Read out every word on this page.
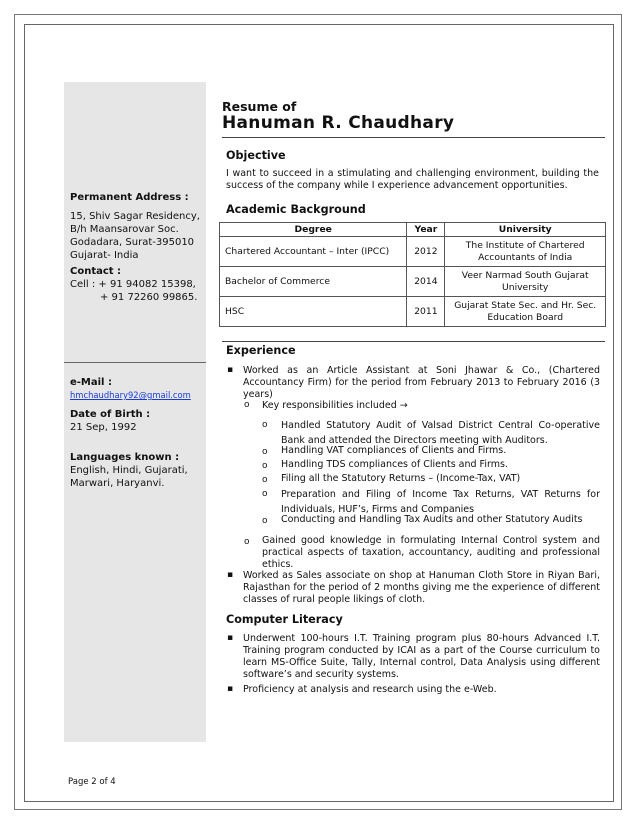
Permanent Address :
15, Shiv Sagar Residency,
B/h Maansarovar Soc.
Godadara, Surat-395010
Gujarat- India
Contact :
Cell : + 91 94082 15398,
+ 91 72260 99865.
e-Mail :
hmchaudhary92@gmail.com
Date of Birth :
21 Sep, 1992
Languages known :
English, Hindi, Gujarati,
Marwari, Haryanvi.
Resume of
Hanuman R. Chaudhary
Objective
I want to succeed in a stimulating and challenging environment, building the success of the company while I experience advancement opportunities.
Academic Background
Degree	Year	University
Chartered Accountant – Inter (IPCC)	2012	The Institute of Chartered Accountants of India
Bachelor of Commerce	2014	Veer Narmad South Gujarat University
HSC	2011	Gujarat State Sec. and Hr. Sec. Education Board
Experience
▪ Worked as an Article Assistant at Soni Jhawar & Co., (Chartered Accountancy Firm) for the period from February 2013 to February 2016 (3 years)
o Key responsibilities included →
o Handled Statutory Audit of Valsad District Central Co-operative Bank and attended the Directors meeting with Auditors.
o Handling VAT compliances of Clients and Firms.
o Handling TDS compliances of Clients and Firms.
o Filing all the Statutory Returns – (Income-Tax, VAT)
o Preparation and Filing of Income Tax Returns, VAT Returns for Individuals, HUF’s, Firms and Companies
o Conducting and Handling Tax Audits and other Statutory Audits
o Gained good knowledge in formulating Internal Control system and practical aspects of taxation, accountancy, auditing and professional ethics.
▪ Worked as Sales associate on shop at Hanuman Cloth Store in Riyan Bari, Rajasthan for the period of 2 months giving me the experience of different classes of rural people likings of cloth.
Computer Literacy
▪ Underwent 100-hours I.T. Training program plus 80-hours Advanced I.T. Training program conducted by ICAI as a part of the Course curriculum to learn MS-Office Suite, Tally, Internal control, Data Analysis using different software’s and security systems.
▪ Proficiency at analysis and research using the e-Web.
Page 2 of 4
